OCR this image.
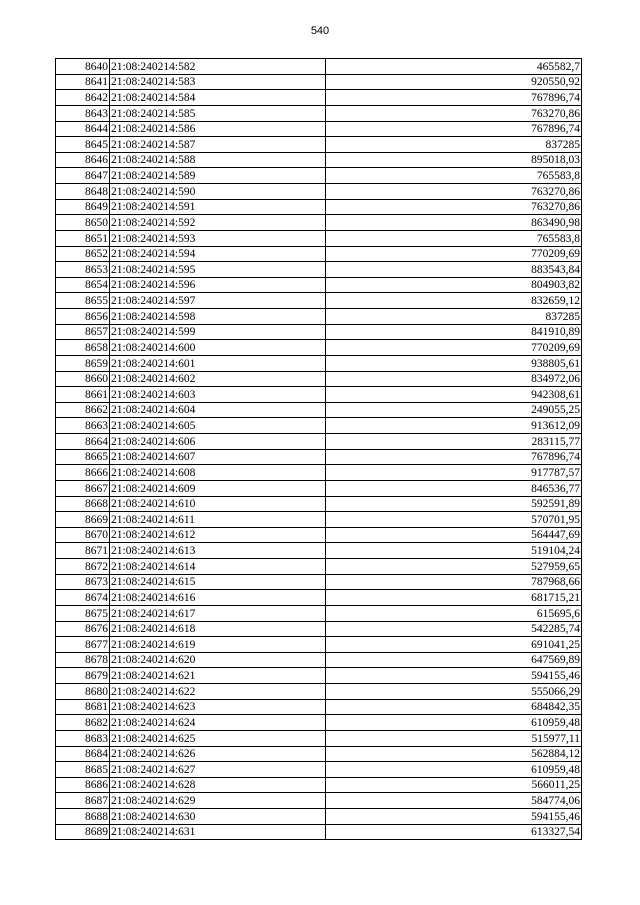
540
8640	21:08:240214:582	465582,7
8641	21:08:240214:583	920550,92
8642	21:08:240214:584	767896,74
8643	21:08:240214:585	763270,86
8644	21:08:240214:586	767896,74
8645	21:08:240214:587	837285
8646	21:08:240214:588	895018,03
8647	21:08:240214:589	765583,8
8648	21:08:240214:590	763270,86
8649	21:08:240214:591	763270,86
8650	21:08:240214:592	863490,98
8651	21:08:240214:593	765583,8
8652	21:08:240214:594	770209,69
8653	21:08:240214:595	883543,84
8654	21:08:240214:596	804903,82
8655	21:08:240214:597	832659,12
8656	21:08:240214:598	837285
8657	21:08:240214:599	841910,89
8658	21:08:240214:600	770209,69
8659	21:08:240214:601	938805,61
8660	21:08:240214:602	834972,06
8661	21:08:240214:603	942308,61
8662	21:08:240214:604	249055,25
8663	21:08:240214:605	913612,09
8664	21:08:240214:606	283115,77
8665	21:08:240214:607	767896,74
8666	21:08:240214:608	917787,57
8667	21:08:240214:609	846536,77
8668	21:08:240214:610	592591,89
8669	21:08:240214:611	570701,95
8670	21:08:240214:612	564447,69
8671	21:08:240214:613	519104,24
8672	21:08:240214:614	527959,65
8673	21:08:240214:615	787968,66
8674	21:08:240214:616	681715,21
8675	21:08:240214:617	615695,6
8676	21:08:240214:618	542285,74
8677	21:08:240214:619	691041,25
8678	21:08:240214:620	647569,89
8679	21:08:240214:621	594155,46
8680	21:08:240214:622	555066,29
8681	21:08:240214:623	684842,35
8682	21:08:240214:624	610959,48
8683	21:08:240214:625	515977,11
8684	21:08:240214:626	562884,12
8685	21:08:240214:627	610959,48
8686	21:08:240214:628	566011,25
8687	21:08:240214:629	584774,06
8688	21:08:240214:630	594155,46
8689	21:08:240214:631	613327,54
